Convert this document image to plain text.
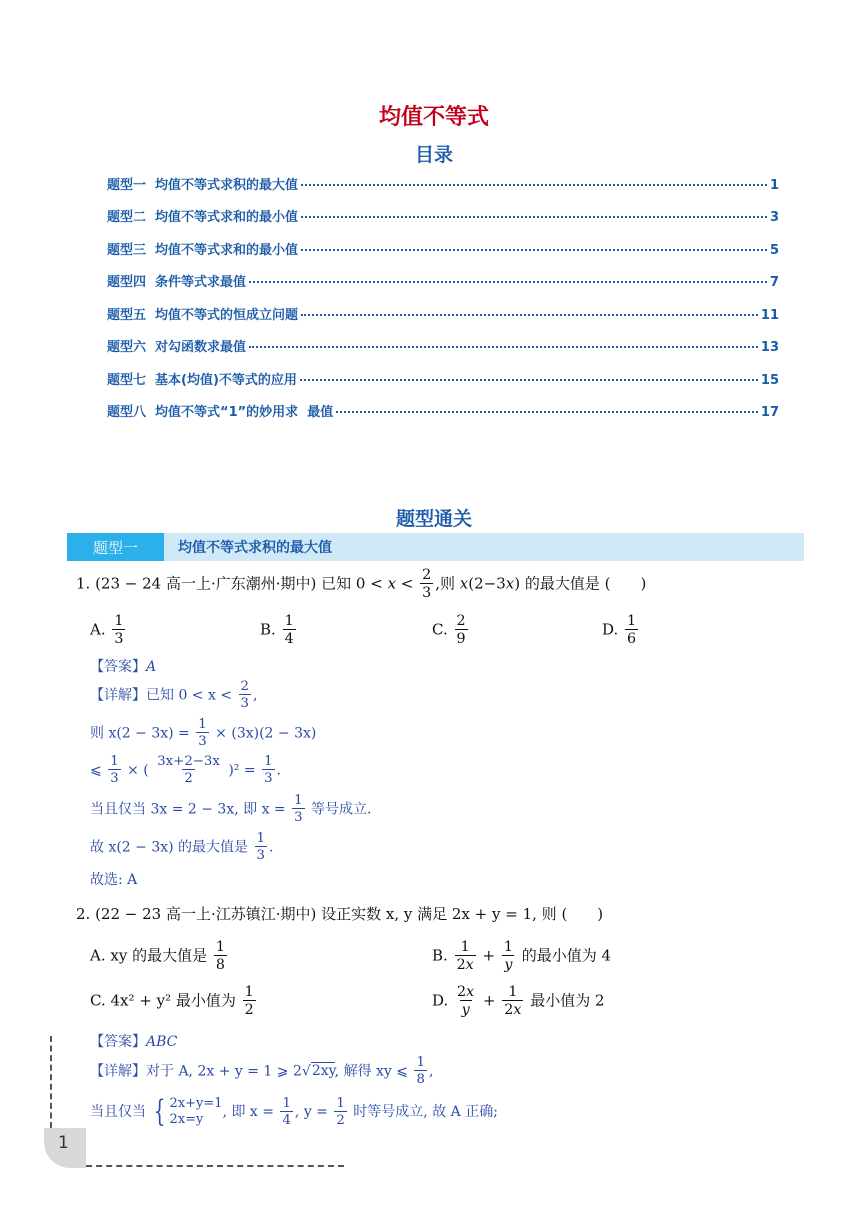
均值不等式
目录
题型一  均值不等式求积的最大值	1
题型二  均值不等式求和的最小值	3
题型三  均值不等式求和的最小值	5
题型四  条件等式求最值	7
题型五  均值不等式的恒成立问题	11
题型六  对勾函数求最值	13
题型七  基本(均值)不等式的应用	15
题型八  均值不等式“1”的妙用求  最值	17
题型通关
题型一	均值不等式求积的最大值
1. (23 − 24 高一上·广东潮州·期中) 已知 $0 < x < \frac{2}{3}$ ,则 x(2−3x) 的最大值是 (　　)
A. $\frac{1}{3}$	B. $\frac{1}{4}$	C. $\frac{2}{9}$	D. $\frac{1}{6}$
【答案】A
【详解】已知 $0 < x < \frac{2}{3}$ ,
则 $x(2 - 3x) = \frac{1}{3} \times (3x)(2 - 3x)$
⩽ $\frac{1}{3}$ × ( $\frac{3x+2-3x}{2} )^2 = \frac{1}{3}$ .
当且仅当 3x = 2 − 3x, 即 $x = \frac{1}{3}$ 等号成立.
故 x(2 − 3x) 的最大值是 $\frac{1}{3}$ .
故选: A
2. (22 − 23 高一上·江苏镇江·期中) 设正实数 x, y 满足 2x + y = 1, 则 (　　)
A. xy 的最大值是 $\frac{1}{8}$	B. $\frac{1}{2x} + \frac{1}{y}$ 的最小值为 4
C. 4x² + y² 最小值为 $\frac{1}{2}$	D. $\frac{2x}{y} + \frac{1}{2x}$ 最小值为 2
【答案】ABC
【详解】对于 A, 2x + y = 1 ⩾ 2√2xy, 解得 xy ⩽ $\frac{1}{8}$ ,
当且仅当 { 2x+y=1
2x=y	, 即 $x = \frac{1}{4}$ , $y = \frac{1}{2}$ 时等号成立, 故 A 正确;
1
